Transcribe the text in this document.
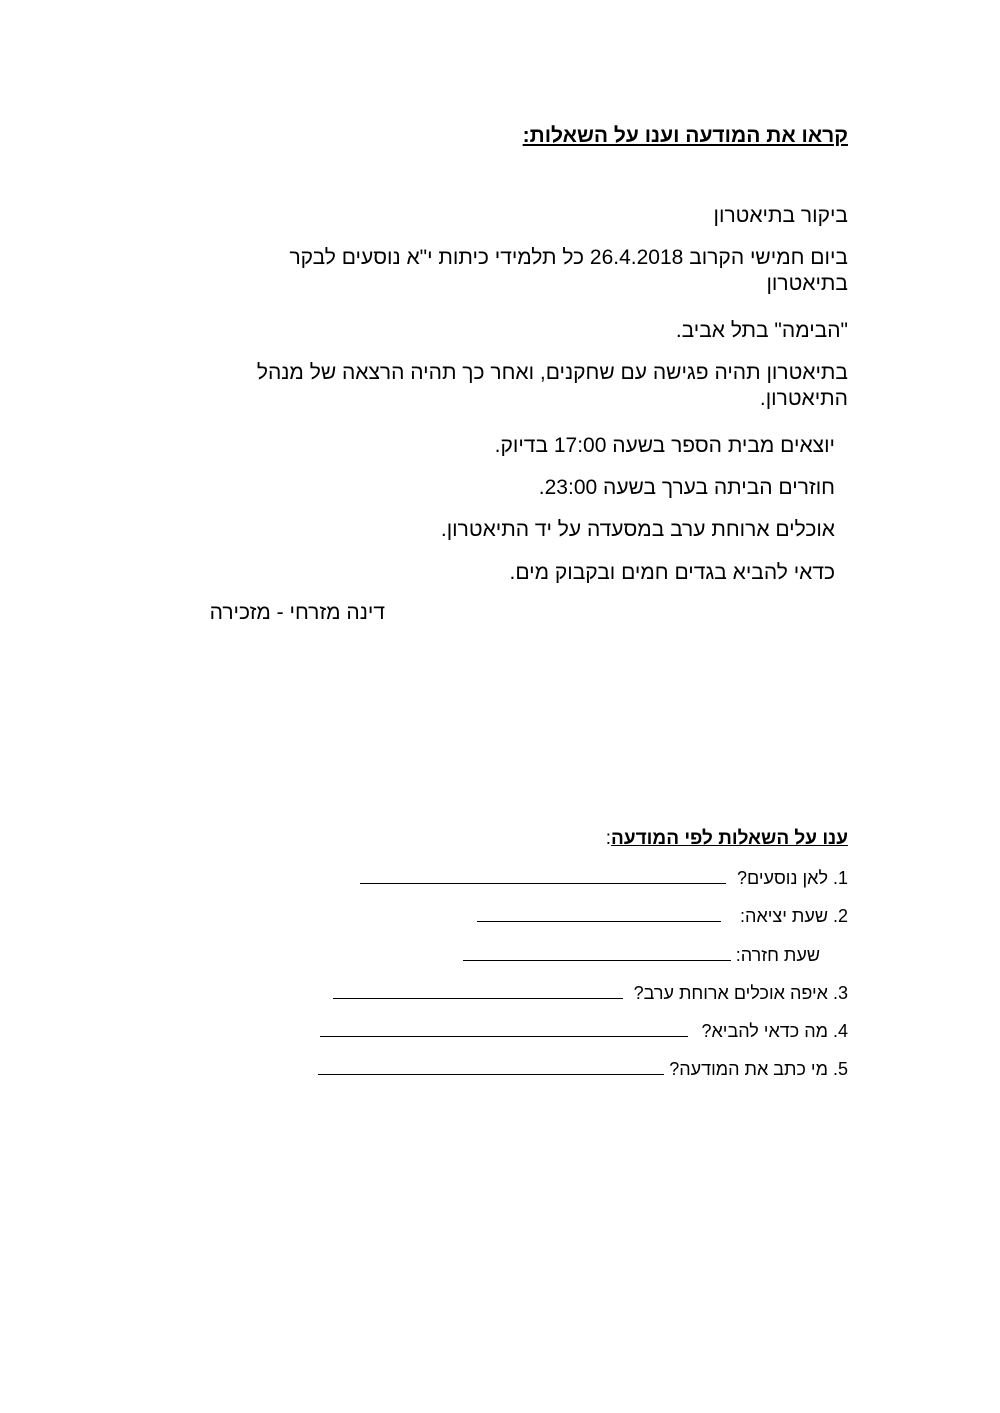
קראו את המודעה וענו על השאלות:
ביקור בתיאטרון
ביום חמישי הקרוב 26.4.2018 כל תלמידי כיתות י"א נוסעים לבקר בתיאטרון
"הבימה" בתל אביב.
בתיאטרון תהיה פגישה עם שחקנים, ואחר כך תהיה הרצאה של מנהל התיאטרון.
יוצאים מבית הספר בשעה 17:00 בדיוק.
חוזרים הביתה בערך בשעה 23:00.
אוכלים ארוחת ערב במסעדה על יד התיאטרון.
כדאי להביא בגדים חמים ובקבוק מים.
דינה מזרחי - מזכירה
ענו על השאלות לפי המודעה:
1. לאן נוסעים?
2. שעת יציאה:
שעת חזרה:
3. איפה אוכלים ארוחת ערב?
4. מה כדאי להביא?
5. מי כתב את המודעה?
